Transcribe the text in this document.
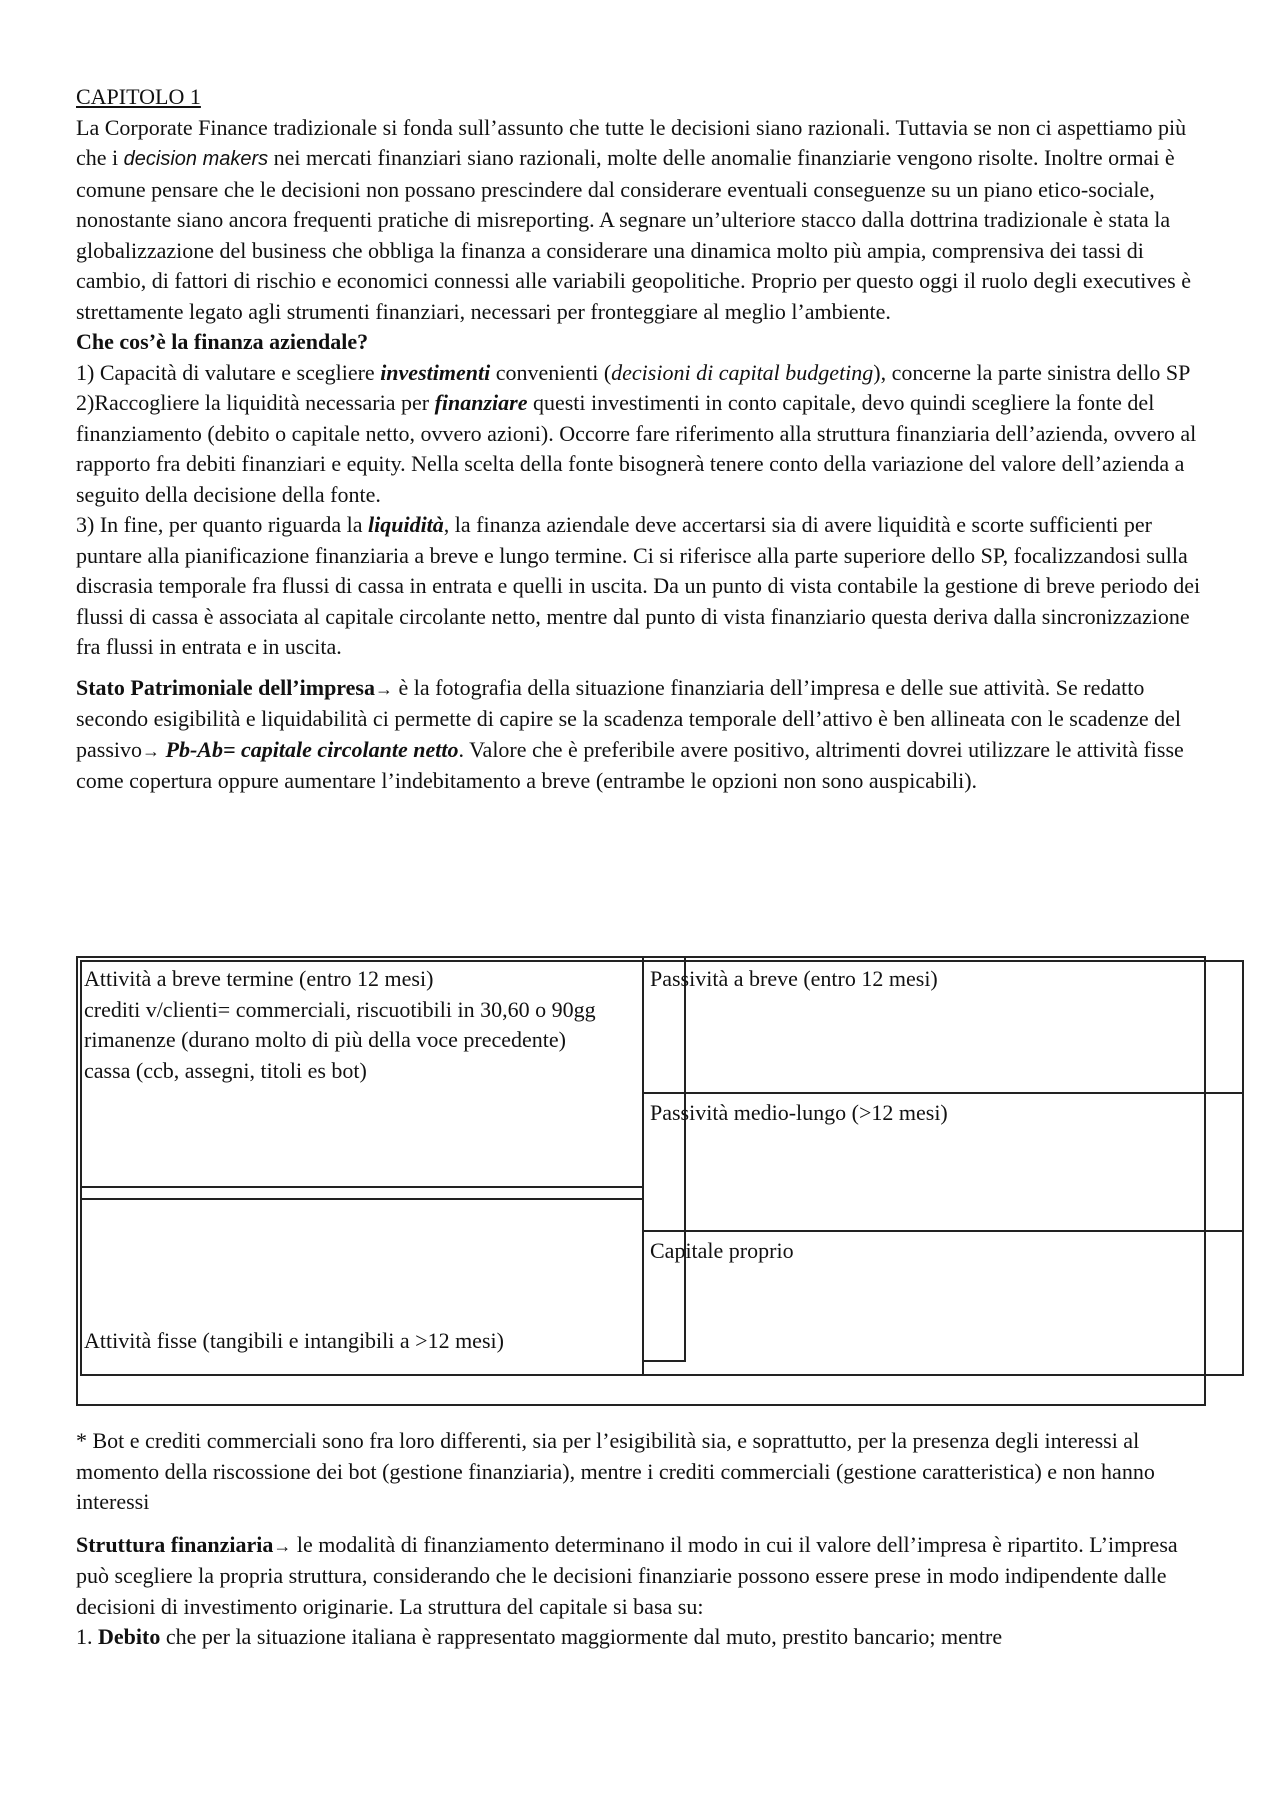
CAPITOLO 1

La Corporate Finance tradizionale si fonda sull’assunto che tutte le decisioni siano razionali. Tuttavia se non ci aspettiamo più che i decision makers nei mercati finanziari siano razionali, molte delle anomalie finanziarie vengono risolte. Inoltre ormai è comune pensare che le decisioni non possano prescindere dal considerare eventuali conseguenze su un piano etico-sociale, nonostante siano ancora frequenti pratiche di misreporting. A segnare un’ulteriore stacco dalla dottrina tradizionale è stata la globalizzazione del business che obbliga la finanza a considerare una dinamica molto più ampia, comprensiva dei tassi di cambio, di fattori di rischio e economici connessi alle variabili geopolitiche. Proprio per questo oggi il ruolo degli executives è strettamente legato agli strumenti finanziari, necessari per fronteggiare al meglio l’ambiente.

Che cos’è la finanza aziendale?

1) Capacità di valutare e scegliere investimenti convenienti (decisioni di capital budgeting), concerne la parte sinistra dello SP

2)Raccogliere la liquidità necessaria per finanziare questi investimenti in conto capitale, devo quindi scegliere la fonte del finanziamento (debito o capitale netto, ovvero azioni). Occorre fare riferimento alla struttura finanziaria dell’azienda, ovvero al rapporto fra debiti finanziari e equity. Nella scelta della fonte bisognerà tenere conto della variazione del valore dell’azienda a seguito della decisione della fonte.

3) In fine, per quanto riguarda la liquidità, la finanza aziendale deve accertarsi sia di avere liquidità e scorte sufficienti per puntare alla pianificazione finanziaria a breve e lungo termine. Ci si riferisce alla parte superiore dello SP, focalizzandosi sulla discrasia temporale fra flussi di cassa in entrata e quelli in uscita. Da un punto di vista contabile la gestione di breve periodo dei flussi di cassa è associata al capitale circolante netto, mentre dal punto di vista finanziario questa deriva dalla sincronizzazione fra flussi in entrata e in uscita.

Stato Patrimoniale dell’impresa→ è la fotografia della situazione finanziaria dell’impresa e delle sue attività. Se redatto secondo esigibilità e liquidabilità ci permette di capire se la scadenza temporale dell’attivo è ben allineata con le scadenze del passivo→ Pb-Ab= capitale circolante netto. Valore che è preferibile avere positivo, altrimenti dovrei utilizzare le attività fisse come copertura oppure aumentare l’indebitamento a breve (entrambe le opzioni non sono auspicabili).

Attività a breve termine (entro 12 mesi)
crediti v/clienti= commerciali, riscuotibili in 30,60 o 90gg
rimanenze (durano molto di più della voce precedente)
cassa (ccb, assegni, titoli es bot)
Attività fisse (tangibili e intangibili a >12 mesi)
Passività a breve (entro 12 mesi)
Passività medio-lungo (>12 mesi)
Capitale proprio

* Bot e crediti commerciali sono fra loro differenti, sia per l’esigibilità sia, e soprattutto, per la presenza degli interessi al momento della riscossione dei bot (gestione finanziaria), mentre i crediti commerciali (gestione caratteristica) e non hanno interessi

Struttura finanziaria→ le modalità di finanziamento determinano il modo in cui il valore dell’impresa è ripartito. L’impresa può scegliere la propria struttura, considerando che le decisioni finanziarie possono essere prese in modo indipendente dalle decisioni di investimento originarie. La struttura del capitale si basa su:

1. Debito che per la situazione italiana è rappresentato maggiormente dal muto, prestito bancario; mentre
